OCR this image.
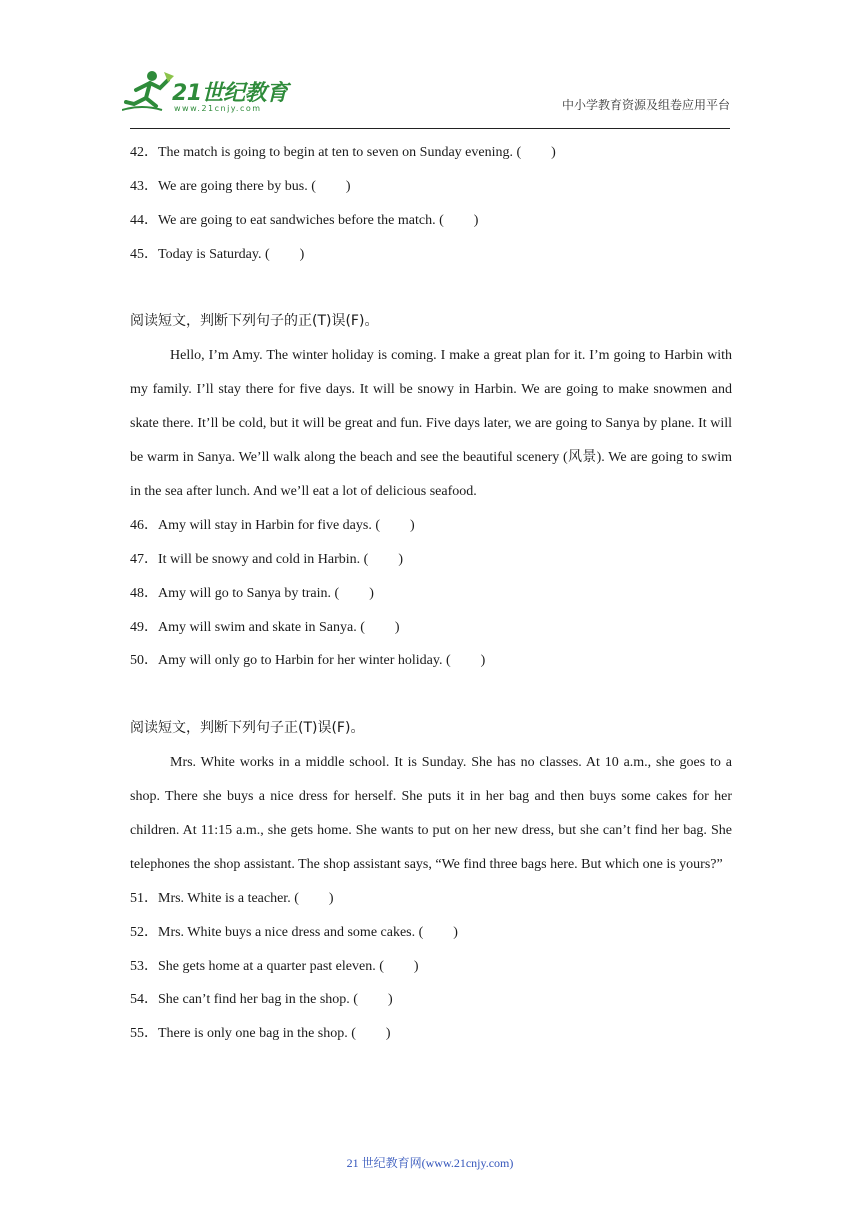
21世纪教育
www.21cnjy.com	中小学教育资源及组卷应用平台
42．The match is going to begin at ten to seven on Sunday evening. ( )
43．We are going there by bus. ( )
44．We are going to eat sandwiches before the match. ( )
45．Today is Saturday. ( )
阅读短文，判断下列句子的正(T)误(F)。
Hello, I’m Amy. The winter holiday is coming. I make a great plan for it. I’m going to Harbin with my family. I’ll stay there for five days. It will be snowy in Harbin. We are going to make snowmen and skate there. It’ll be cold, but it will be great and fun. Five days later, we are going to Sanya by plane. It will be warm in Sanya. We’ll walk along the beach and see the beautiful scenery (风景). We are going to swim in the sea after lunch. And we’ll eat a lot of delicious seafood.
46．Amy will stay in Harbin for five days. ( )
47．It will be snowy and cold in Harbin. ( )
48．Amy will go to Sanya by train. ( )
49．Amy will swim and skate in Sanya. ( )
50．Amy will only go to Harbin for her winter holiday. ( )
阅读短文，判断下列句子正(T)误(F)。
Mrs. White works in a middle school. It is Sunday. She has no classes. At 10 a.m., she goes to a shop. There she buys a nice dress for herself. She puts it in her bag and then buys some cakes for her children. At 11:15 a.m., she gets home. She wants to put on her new dress, but she can’t find her bag. She telephones the shop assistant. The shop assistant says, “We find three bags here. But which one is yours?”
51．Mrs. White is a teacher. ( )
52．Mrs. White buys a nice dress and some cakes. ( )
53．She gets home at a quarter past eleven. ( )
54．She can’t find her bag in the shop. ( )
55．There is only one bag in the shop. ( )
21 世纪教育网(www.21cnjy.com)
